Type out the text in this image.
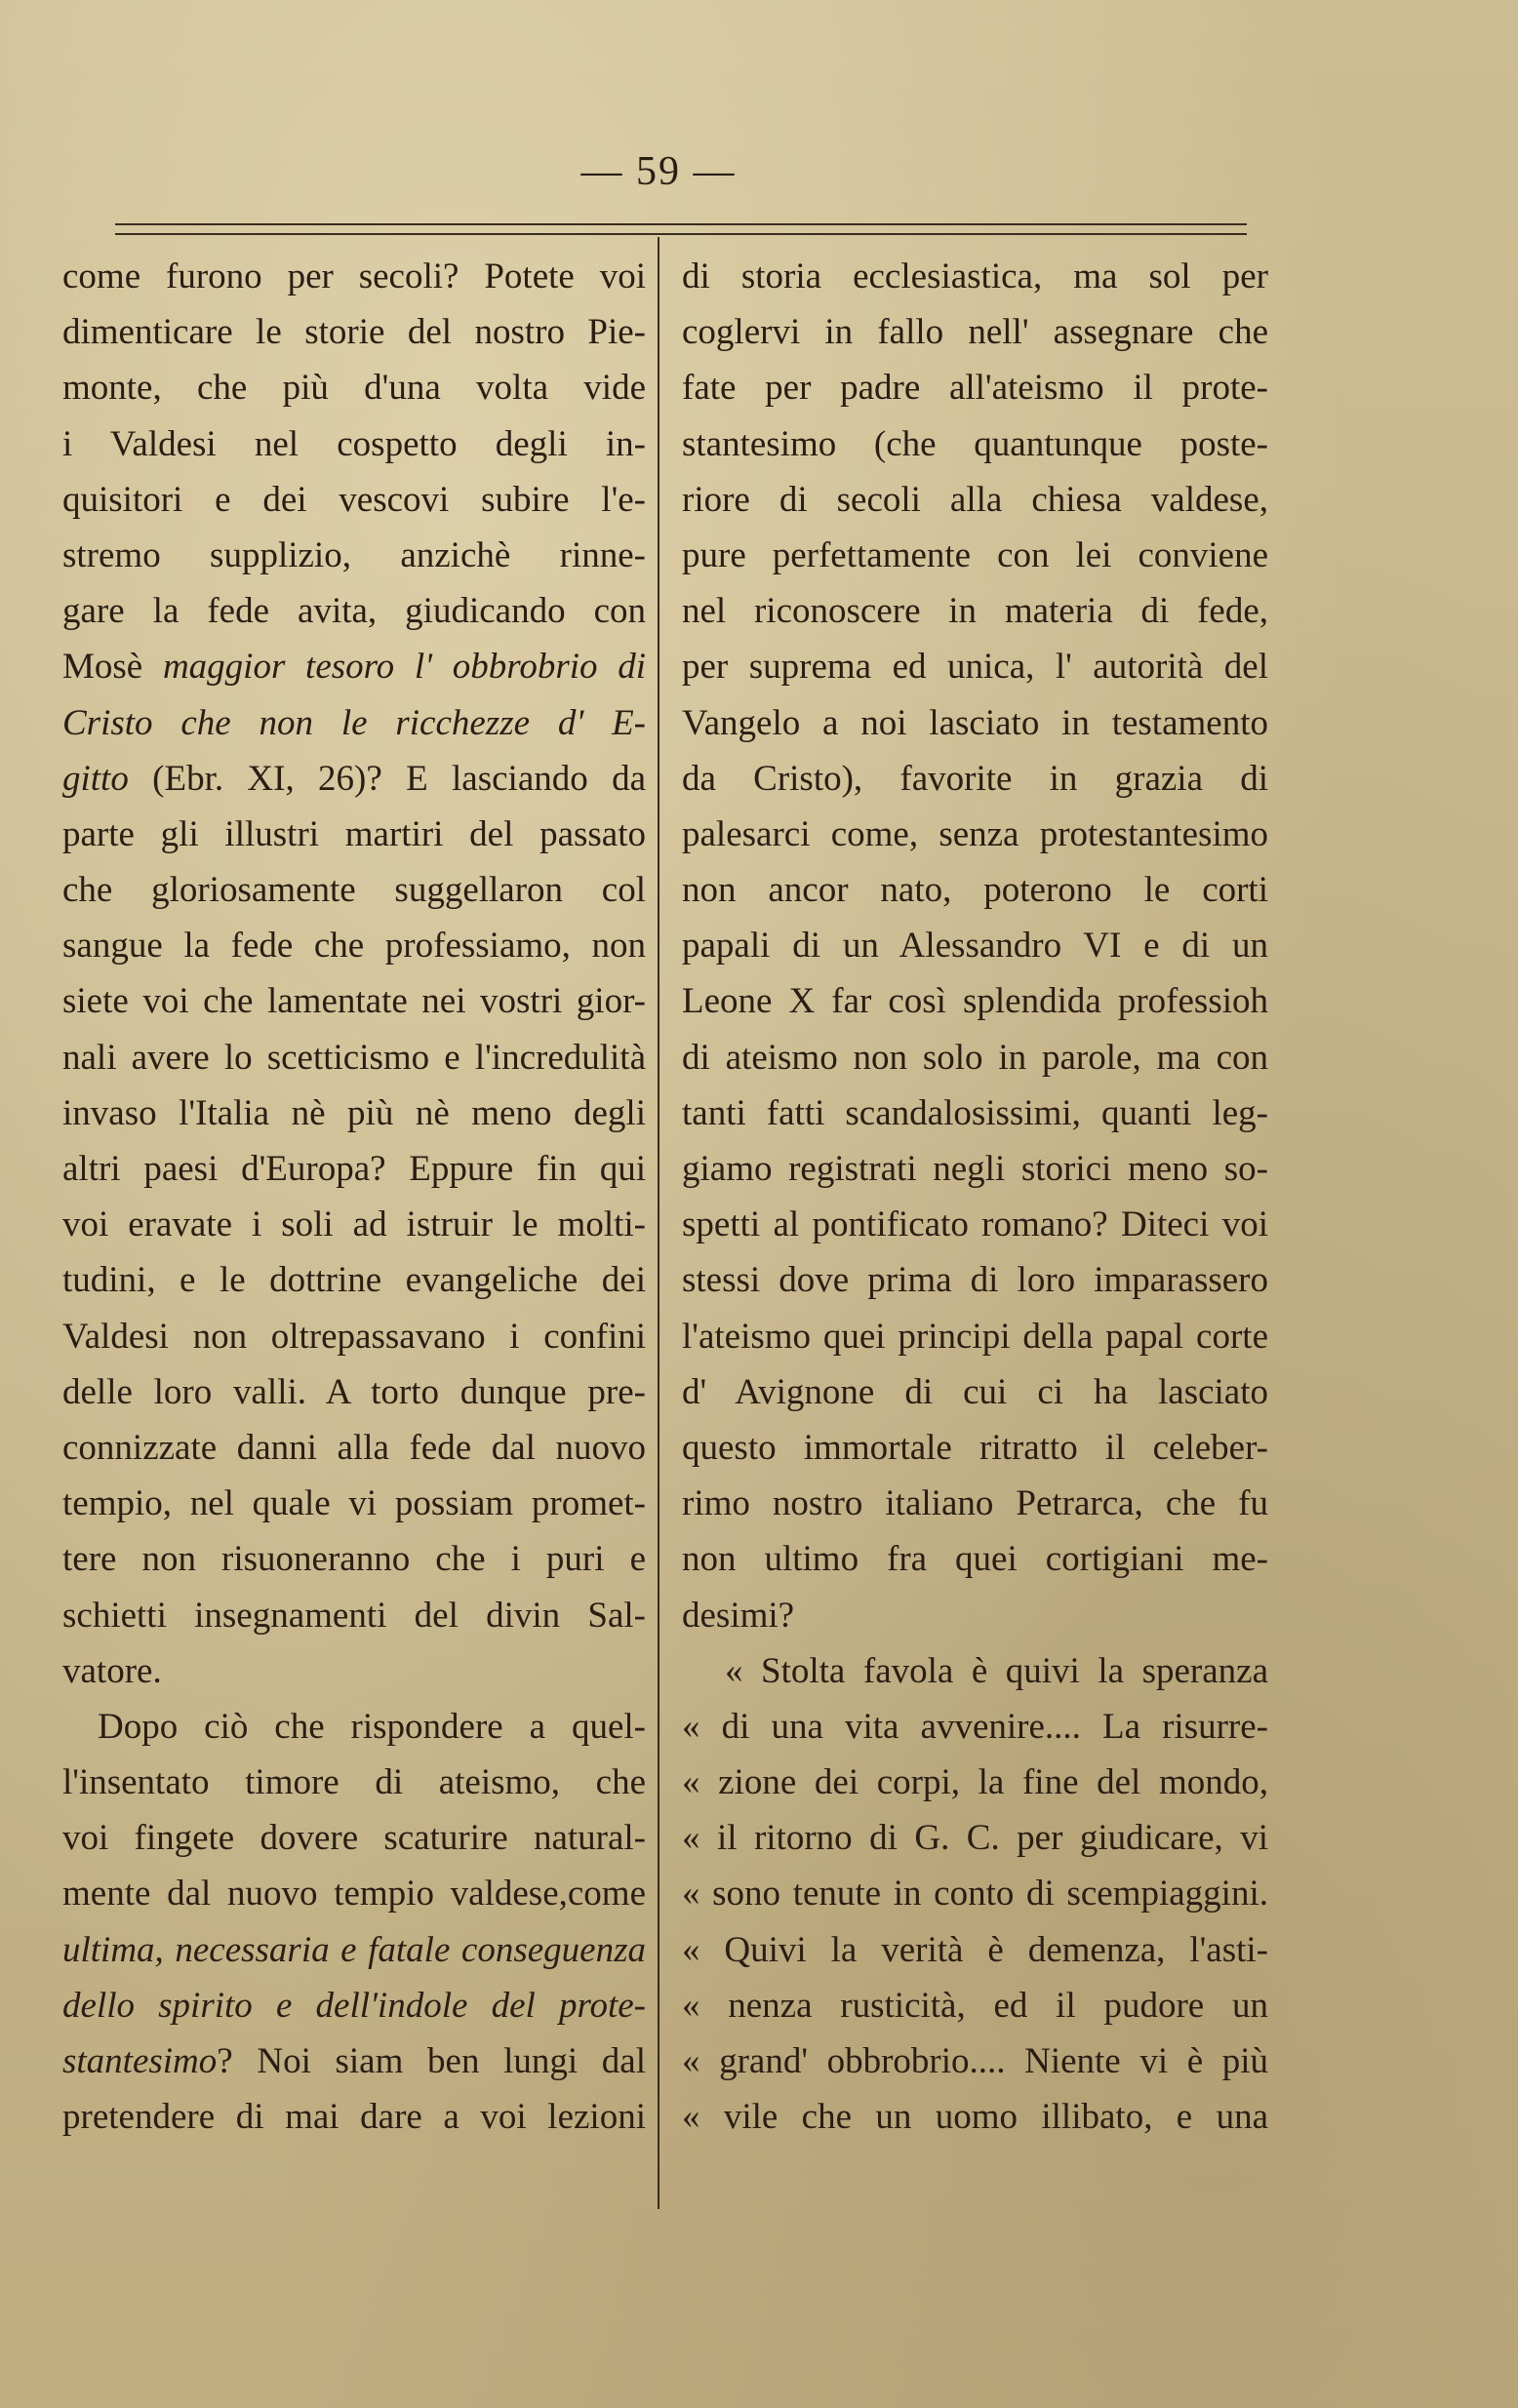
— 59 —
come furono per secoli? Potete voi
dimenticare le storie del nostro Pie-
monte, che più d'una volta vide
i Valdesi nel cospetto degli in-
quisitori e dei vescovi subire l'e-
stremo supplizio, anzichè rinne-
gare la fede avita, giudicando con
Mosè maggior tesoro l' obbrobrio di
Cristo che non le ricchezze d' E-
gitto (Ebr. XI, 26)? E lasciando da
parte gli illustri martiri del passato
che gloriosamente suggellaron col
sangue la fede che professiamo, non
siete voi che lamentate nei vostri gior-
nali avere lo scetticismo e l'incredulità
invaso l'Italia nè più nè meno degli
altri paesi d'Europa? Eppure fin qui
voi eravate i soli ad istruir le molti-
tudini, e le dottrine evangeliche dei
Valdesi non oltrepassavano i confini
delle loro valli. A torto dunque pre-
connizzate danni alla fede dal nuovo
tempio, nel quale vi possiam promet-
tere non risuoneranno che i puri e
schietti insegnamenti del divin Sal-
vatore.
Dopo ciò che rispondere a quel-
l'insentato timore di ateismo, che
voi fingete dovere scaturire natural-
mente dal nuovo tempio valdese,come
ultima, necessaria e fatale conseguenza
dello spirito e dell'indole del prote-
stantesimo? Noi siam ben lungi dal
pretendere di mai dare a voi lezioni
di storia ecclesiastica, ma sol per
coglervi in fallo nell' assegnare che
fate per padre all'ateismo il prote-
stantesimo (che quantunque poste-
riore di secoli alla chiesa valdese,
pure perfettamente con lei conviene
nel riconoscere in materia di fede,
per suprema ed unica, l' autorità del
Vangelo a noi lasciato in testamento
da Cristo), favorite in grazia di
palesarci come, senza protestantesimo
non ancor nato, poterono le corti
papali di un Alessandro VI e di un
Leone X far così splendida professioh
di ateismo non solo in parole, ma con
tanti fatti scandalosissimi, quanti leg-
giamo registrati negli storici meno so-
spetti al pontificato romano? Diteci voi
stessi dove prima di loro imparassero
l'ateismo quei principi della papal corte
d' Avignone di cui ci ha lasciato
questo immortale ritratto il celeber-
rimo nostro italiano Petrarca, che fu
non ultimo fra quei cortigiani me-
desimi?
« Stolta favola è quivi la speranza
« di una vita avvenire.... La risurre-
« zione dei corpi, la fine del mondo,
« il ritorno di G. C. per giudicare, vi
« sono tenute in conto di scempiaggini.
« Quivi la verità è demenza, l'asti-
« nenza rusticità, ed il pudore un
« grand' obbrobrio.... Niente vi è più
« vile che un uomo illibato, e una
